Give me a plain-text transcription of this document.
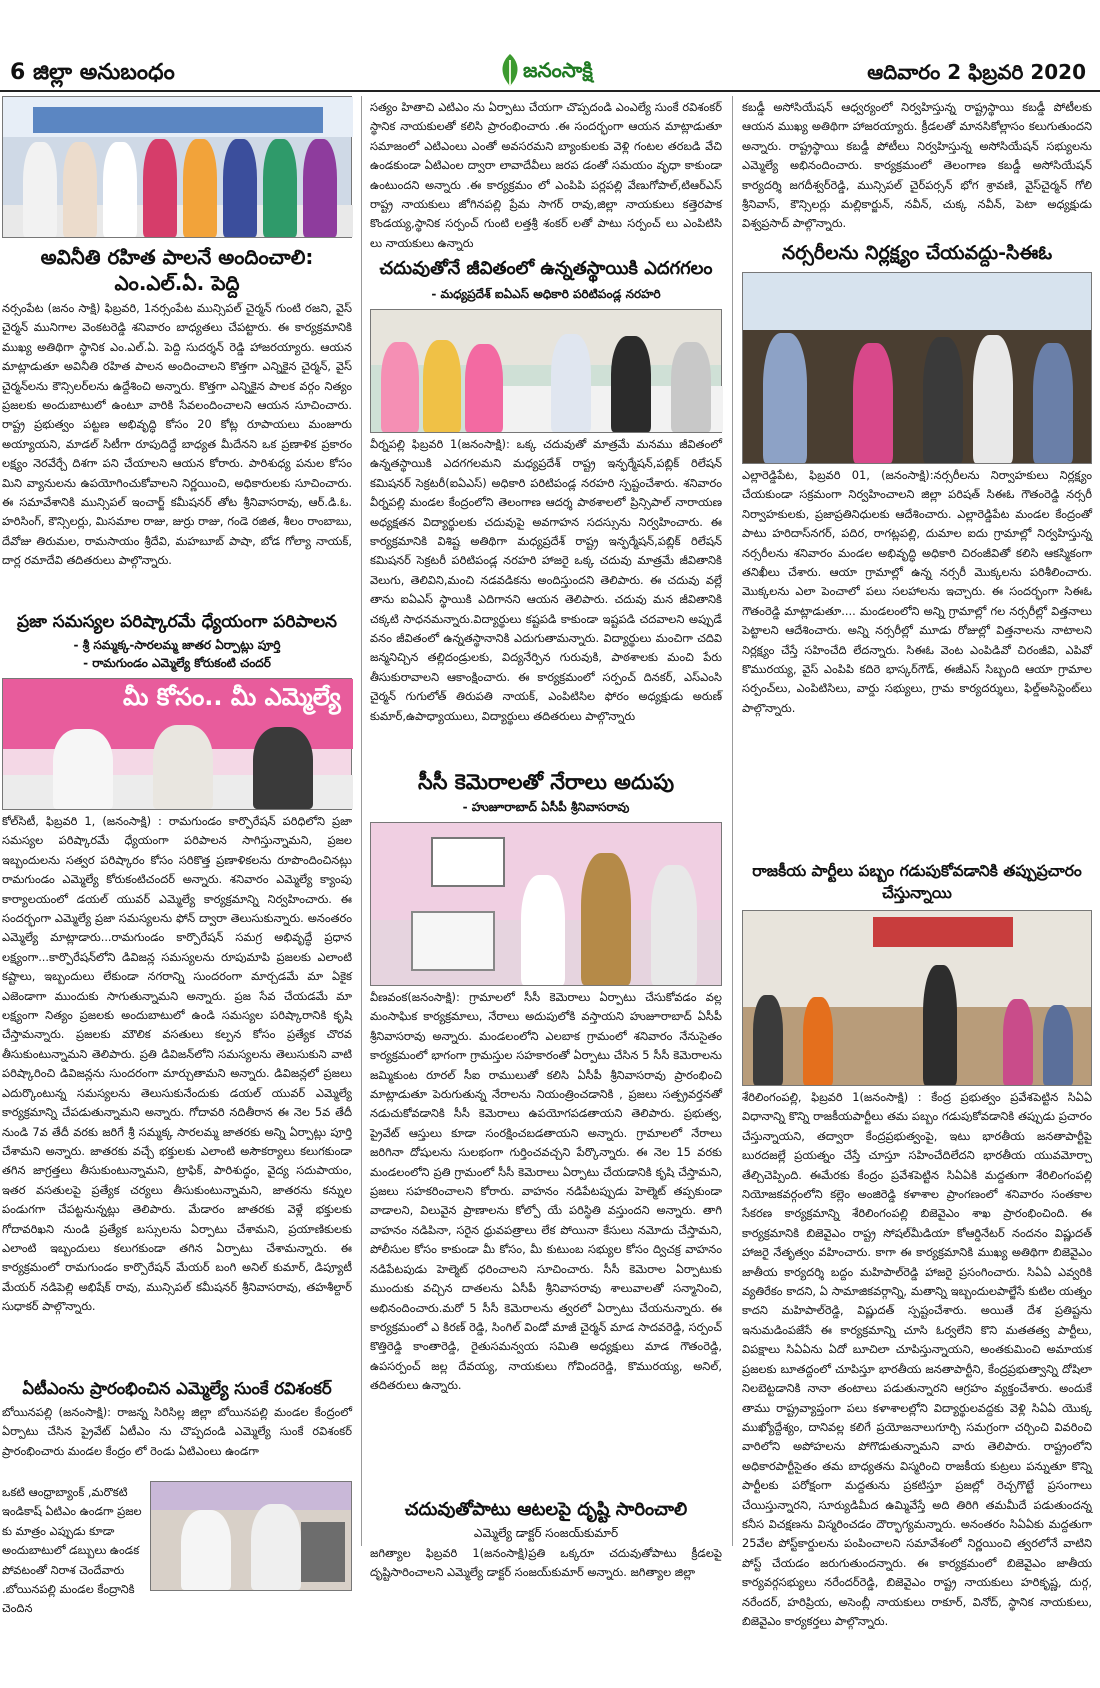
6 జిల్లా అనుబంధం	జనంసాక్షి	ఆదివారం 2 ఫిబ్రవరి 2020
అవినీతి రహిత పాలనే అందించాలి: ఎం.ఎల్‌.ఏ. పెద్ది

నర్సంపేట (జనం సాక్షి) ఫిబ్రవరి, 1నర్సంపేట మున్సిపల్‌ చైర్మన్‌ గుంటి రజని, వైస్‌ చైర్మన్‌ మునిగాల వెంకటరెడ్డి శనివారం బాధ్యతలు చేపట్టారు. ఈ కార్యక్రమానికి ముఖ్య అతిథిగా స్థానిక ఎం.ఎల్‌.ఏ. పెద్ది సుదర్శన్‌ రెడ్డి హాజరయ్యారు. ఆయన మాట్లాడుతూ అవినీతి రహిత పాలన అందించాలని కొత్తగా ఎన్నికైన చైర్మన్‌, వైస్‌ చైర్మన్‌లను కౌన్సిలర్‌లను ఉద్దేశించి అన్నారు. కొత్తగా ఎన్నికైన పాలక వర్గం నిత్యం ప్రజలకు అందుబాటులో ఉంటూ వారికి సేవలందించాలని ఆయన సూచించారు. రాష్ట్ర ప్రభుత్వం పట్టణ అభివృద్ధి కోసం 20 కోట్ల రూపాయలు మంజూరు అయ్యాయని, మాడల్‌ సిటీగా రూపుదిద్దే బాధ్యత మీదేనని ఒక ప్రణాళిక ప్రకారం లక్ష్యం నెరవేర్చే దిశగా పని చేయాలని ఆయన కోరారు. పారిశుధ్య పనుల కోసం మిని వ్యానులను ఉపయోగించుకోవాలని నిర్ణయించి, అధికారులకు సూచించారు. ఈ సమావేశానికి మున్సిపల్‌ ఇంచార్జ్‌ కమీషనర్‌ తోట శ్రీనివాసరావు, ఆర్‌.డి.ఓ. హరిసింగ్‌, కౌన్సిలర్లు, మిసమాల రాజు, జుర్రు రాజు, గండె రజిత, శీలం రాంబాబు, దేవోజు తిరుమల, రామసాయం శ్రీదేవి, మహబూబ్‌ పాషా, బోడ గోల్యా నాయక్‌, దార్ల రమాదేవి తదితరులు పాల్గొన్నారు.

ప్రజా సమస్యల పరిష్కారమే ధ్యేయంగా పరిపాలన
- శ్రీ సమ్మక్క-సారలమ్మ జాతర ఏర్పాట్లు పూర్తి
- రామగుండం ఎమ్మెల్యే కోరుకంటి చందర్‌
మీ కోసం.. మీ ఎమ్మెల్యే

కోల్‌సిటీ, ఫిబ్రవరి 1, (జనంసాక్షి) : రామగుండం కార్పొరేషన్‌ పరిధిలోని ప్రజా సమస్యల పరిష్కారమే ధ్యేయంగా పరిపాలన సాగిస్తున్నామని, ప్రజల ఇబ్బందులను సత్వర పరిష్కారం కోసం సరికొత్త ప్రణాళికలను రూపొందించినట్లు రామగుండం ఎమ్మెల్యే కోరుకంటిచందర్‌ అన్నారు. శనివారం ఎమ్మెల్యే క్యాంపు కార్యాలయంలో డయల్‌ యువర్‌ ఎమ్మెల్యే కార్యక్రమాన్ని నిర్వహించారు. ఈ సందర్భంగా ఎమ్మెల్యే ప్రజా సమస్యలను ఫోన్‌ ద్వారా తెలుసుకున్నారు. అనంతరం ఎమ్మెల్యే మాట్లాడారు...రామగుండం కార్పొరేషన్‌ సమగ్ర అభివృద్ధే ప్రధాన లక్ష్యంగా...కార్పొరేషన్‌లోని డివిజన్ల సమస్యలను రూపుమాపి ప్రజలకు ఎలాంటి కష్టాలు, ఇబ్బందులు లేకుండా నగరాన్ని సుందరంగా మార్చడమే మా ఏకైక ఎజెండాగా ముందుకు సాగుతున్నామని అన్నారు. ప్రజ సేవ చేయడమే మా లక్ష్యంగా నిత్యం ప్రజలకు అందుబాటులో ఉండి సమస్యల పరిష్కారానికి కృషి చేస్తామన్నారు. ప్రజలకు మౌలిక వసతులు కల్పన కోసం ప్రత్యేక చొరవ తీసుకుంటున్నామని తెలిపారు. ప్రతి డివిజన్‌లోని సమస్యలను తెలుసుకుని వాటి పరిష్కారించి డివిజన్లను సుందరంగా మార్చుతామని అన్నారు. డివిజన్లలో ప్రజలు ఎదుర్కొంటున్న సమస్యలను తెలుసుకునేందుకు డయల్‌ యువర్‌ ఎమ్మెల్యే కార్యక్రమాన్ని చేపడుతున్నామని అన్నారు. గోదావరి నదితీరాన ఈ నెల 5వ తేదీ నుండి 7వ తేదీ వరకు జరిగే శ్రీ సమ్మక్క సారలమ్మ జాతరకు అన్ని ఏర్పాట్లు పూర్తి చేశామని అన్నారు. జాతరకు వచ్చే భక్తులకు ఎలాంటి అసౌకర్యాలు కలుగకుండా తగిన జాగ్రత్తలు తీసుకుంటున్నామని, ట్రాఫిక్‌, పారిశుద్ధం, వైద్య సదుపాయం, ఇతర వసతులపై ప్రత్యేక చర్యలు తీసుకుంటున్నామని, జాతరను కన్నుల పండుగగా చేపట్టనున్నట్లు తెలిపారు. మేడారం జాతరకు వెళ్లే భక్తులకు గోదావరిఖని నుండి ప్రత్యేక బస్సులను ఏర్పాటు చేశామని, ప్రయాణికులకు ఎలాంటి ఇబ్బందులు కలుగకుండా తగిన ఏర్పాటు చేశామన్నారు. ఈ కార్యక్రమంలో రామగుండం కార్పొరేషన్‌ మేయర్‌ బంగి అనిల్‌ కుమార్‌, డిప్యూటీ మేయర్‌ నడిపెల్లి అభిషేక్‌ రావు, మున్సిపల్‌ కమీషనర్‌ శ్రీనివాసరావు, తహశీల్దార్‌ సుధాకర్‌ పాల్గొన్నారు.

ఏటీఎంను ప్రారంభించిన ఎమ్మెల్యే సుంకే రవిశంకర్‌

బోయినపల్లి (జనంసాక్షి): రాజన్న సిరిసిల్ల జిల్లా బోయినపల్లి మండల కేంద్రంలో ఏర్పాటు చేసిన ప్రైవేట్‌ ఏటీఎం ను చొప్పదండి ఎమ్మెల్యే సుంకే రవిశంకర్‌ ప్రారంభించారు మండల కేంద్రం లో రెండు ఏటిఎంలు ఉండగా

ఒకటి ఆంధ్రాబ్యాంక్‌ ,మరొకటి ఇండికాష్‌ ఏటిఎం ఉండగా ప్రజల కు మాత్రం ఎప్పుడు కూడా అందుబాటులో డబ్బులు ఉండక పోవటంతో నిరాశ చెందేవారు .బోయినపల్లి మండల కేంద్రానికి చెందిన

సత్యం హితాచి ఎటిఎం ను ఏర్పాటు చేయగా చొప్పదండి ఎంఎల్యే సుంకే రవిశంకర్‌ స్థానిక నాయకులతో కలిసి ప్రారంభించారు .ఈ సందర్భంగా ఆయన మాట్లాడుతూ సమాజంలో ఎటిఎంలు ఎంతో అవసరమని బ్యాంకులకు వెళ్లి గంటల తరబడి వేచి ఉండకుండా ఏటిఎంల ద్వారా లావాదేవీలు జరప డంతో సమయం వృధా కాకుండా ఉంటుందని అన్నారు .ఈ కార్యక్రమం లో ఎంపిపి పర్లపల్లి వేణుగోపాల్‌,టిఆర్‌ఎస్‌ రాష్ట్ర నాయకులు జోగినపల్లి ప్రేమ సాగర్‌ రావు,జిల్లా నాయకులు కత్తెరపాక కొండయ్య,స్థానిక సర్పంచ్‌ గుంటి లత్తశ్రీ శంకర్‌ లతో పాటు సర్పంచ్‌ లు ఎంపిటిసి లు నాయకులు ఉన్నారు

చదువుతోనే జీవితంలో ఉన్నతస్థాయికి ఎదగగలం
- మధ్యప్రదేశ్‌ ఐఏఎస్‌ అధికారి పరిటిపండ్ల నరహరి

వీర్నపల్లి ఫిబ్రవరి 1(జనంసాక్షి): ఒక్క చదువుతో మాత్రమే మనము జీవితంలో ఉన్నతస్థాయికి ఎదగగలమని మధ్యప్రదేశ్‌ రాష్ట్ర ఇన్ఫర్మేషన్‌,పబ్లిక్‌ రిలేషన్‌ కమిషనర్‌ సెక్రటరీ(ఐఏఎస్‌) అధికారి పరిటిపండ్ల నరహరి స్పష్టంచేశారు. శనివారం వీర్నపల్లి మండల కేంద్రంలోని తెలంగాణ ఆదర్శ పాఠశాలలో ప్రిన్సిపాల్‌ నారాయణ అధ్యక్షతన విద్యార్థులకు చదువుపై అవగాహన సదస్సును నిర్వహించారు. ఈ కార్యక్రమానికి విశిష్ట అతిథిగా మధ్యప్రదేశ్‌ రాష్ట్ర ఇన్ఫర్మేషన్‌,పబ్లిక్‌ రిలేషన్‌ కమిషనర్‌ సెక్రటరీ పరిటిపండ్ల నరహరి హాజరై ఒక్క చదువు మాత్రమే జీవితానికి వెలుగు, తెలివిని,మంచి నడవడికను అందిస్తుందని తెలిపారు. ఈ చదువు వల్లే తాను ఐఏఎస్‌ స్థాయికి ఎదిగానని ఆయన తెలిపారు. చదువు మన జీవితానికి చక్కటి సాధనమన్నారు.విద్యార్థులు కష్టపడి కాకుండా ఇష్టపడి చదవాలని అప్పుడే వనం జీవితంలో ఉన్నతస్థానానికి ఎదుగుతామన్నారు. విద్యార్థులు మంచిగా చదివి జన్మనిచ్చిన తల్లిదండ్రులకు, విద్యనేర్పిన గురువుకి, పాఠశాలకు మంచి పేరు తీసుకురావాలని ఆకాంక్షించారు. ఈ కార్యక్రమంలో సర్పంచ్‌ దినకర్‌, ఎస్‌ఎంసి చైర్మన్‌ గుగులోత్‌ తిరుపతి నాయక్‌, ఎంపిటిసిల ఫోరం అధ్యక్షుడు అరుణ్‌ కుమార్‌,ఉపాధ్యాయులు, విద్యార్థులు తదితరులు పాల్గొన్నారు

సీసీ కెమెరాలతో నేరాలు అదుపు
- హుజూరాబాద్‌ ఏసీపీ శ్రీనివాసరావు

వీణవంక(జనంసాక్షి): గ్రామాలలో సీసీ కెమెరాలు ఏర్పాటు చేసుకోవడం వల్ల మంసాఘిక కార్యక్రమాలు, నేరాలు అదుపులోకి వస్తాయని హుజూరాబాద్‌ ఏసీపీ శ్రీనివాసరావు అన్నారు. మండలంలోని ఎలబాక గ్రామంలో శనివారం నేనుసైతం కార్యక్రమంలో భాగంగా గ్రామస్తుల సహకారంతో ఏర్పాటు చేసిన 5 సీసీ కెమెరాలను జమ్మికుంట రూరల్‌ సీఐ రాములుతో కలిసి ఏసీపీ శ్రీనివాసరావు ప్రారంభించి మాట్లాడుతూ పెరుగుతున్న నేరాలను నియంత్రించడానికి , ప్రజలు సత్ప్రవర్తనతో నడుచుకోవడానికి సీసీ కెమెరాలు ఉపయోగపడతాయని తెలిపారు. ప్రభుత్వ, ప్రైవేట్‌ ఆస్తులు కూడా సంరక్షించబడతాయని అన్నారు. గ్రామాలలో నేరాలు జరిగినా దోషులను సులభంగా గుర్తించవచ్చని పేర్కొన్నారు. ఈ నెల 15 వరకు మండలంలోని ప్రతి గ్రామంలో సీసీ కెమెరాలు ఏర్పాటు చేయడానికి కృషి చేస్తామని, ప్రజలు సహకరించాలని కోరారు. వాహనం నడిపేటప్పుడు హెల్మెట్‌ తప్పకుండా వాడాలని, విలువైన ప్రాణాలను కోల్పో యే పరిస్థితి వస్తుందని అన్నారు. తాగి వాహనం నడిపినా, సరైన ధ్రువపత్రాలు లేక పోయినా కేసులు నమోదు చేస్తామని, పోలీసుల కోసం కాకుండా మీ కోసం, మీ కుటుంబ సభ్యుల కోసం ద్విచక్ర వాహనం నడిపేటపుడు హెల్మెట్‌ ధరించాలని సూచించారు. సీసీ కెమెరాల ఏర్పాటుకు ముందుకు వచ్చిన దాతలను ఏసీపీ శ్రీనివాసరావు శాలువాలతో సన్మానించి, అభినందించారు.మరో 5 సీసీ కెమెరాలను త్వరలో ఏర్పాటు చేయనున్నారు. ఈ కార్యక్రమంలో ఎ కిరణ్‌ రెడ్డి, సింగిల్‌ విండో మాజీ చైర్మన్‌ మాడ సాదవరెడ్డి, సర్పంచ్‌ కొత్తిరెడ్డి కాంతారెడ్డి, రైతుసమన్వయ సమితి అధ్యక్షులు మాడ గౌతంరెడ్డి, ఉపసర్పంచ్‌ జల్ల దేవయ్య, నాయకులు గోవిందరెడ్డి, కొమురయ్య, అనిల్‌, తదితరులు ఉన్నారు.

చదువుతోపాటు ఆటలపై దృష్టి సారించాలి
ఎమ్మెల్యే డాక్టర్‌ సంజయ్‌కుమార్‌

జగిత్యాల ఫిబ్రవరి 1(జనంసాక్షి)ప్రతి ఒక్కరూ చదువుతోపాటు క్రీడలపై దృష్టిసారించాలని ఎమ్మెల్యే డాక్టర్‌ సంజయ్‌కుమార్‌ అన్నారు. జగిత్యాల జిల్లా

కబడ్డీ అసోసియేషన్‌ ఆధ్వర్యంలో నిర్వహిస్తున్న రాష్ట్రస్థాయి కబడ్డీ పోటీలకు ఆయన ముఖ్య అతిథిగా హాజరయ్యారు. క్రీడలతో మానసికోల్లాసం కలుగుతుందని అన్నారు. రాష్ట్రస్థాయి కబడ్డీ పోటీలు నిర్వహిస్తున్న అసోసియేషన్‌ సభ్యులను ఎమ్మెల్యే అభినందించారు. కార్యక్రమంలో తెలంగాణ కబడ్డీ అసోసియేషన్‌ కార్యదర్శి జగదీశ్వర్‌రెడ్డి, మున్సిపల్‌ చైర్‌పర్సన్‌ భోగ శ్రావణి, వైస్‌చైర్మన్‌ గోలి శ్రీనివాస్‌, కౌన్సిలర్లు మల్లికార్జున్‌, నవీన్‌, చుక్క నవీన్‌, పెటా అధ్యక్షుడు విశ్వప్రసాద్‌ పాల్గొన్నారు.

నర్సరీలను నిర్లక్ష్యం చేయవద్దు-సిఈఓ

ఎల్లారెడ్డిపేట, ఫిబ్రవరి 01, (జనంసాక్షి):నర్సరీలను నిర్వాహకులు నిర్లక్ష్యం చేయకుండా సక్రమంగా నిర్వహించాలని జిల్లా పరిషత్‌ సిఈఓ గౌతంరెడ్డి నర్సరీ నిర్వాహకులకు, ప్రజాప్రతినిధులకు ఆదేశించారు. ఎల్లారెడ్డిపేట మండల కేంద్రంతో పాటు హరిదాస్‌నగర్‌, పదిర, రాగట్లపల్లి, దుమాల ఐదు గ్రామాల్లో నిర్వహిస్తున్న నర్సరీలను శనివారం మండల అభివృద్ధి అధికారి చిరంజీవితో కలిసి ఆకస్మికంగా తనిఖీలు చేశారు. ఆయా గ్రామాల్లో ఉన్న నర్సరీ మొక్కలను పరిశీలించారు. మొక్కలను ఎలా పెంచాలో పలు సలహాలను ఇచ్చారు. ఈ సందర్భంగా సిఈఓ గౌతంరెడ్డి మాట్లాడుతూ.... మండలంలోని అన్ని గ్రామాల్లో గల నర్సరీల్లో విత్తనాలు పెట్టాలని ఆదేశించారు. అన్ని నర్సరీల్లో మూడు రోజుల్లో విత్తనాలను నాటాలని నిర్లక్ష్యం చేస్తే సహించేది లేదన్నారు. సిఈఓ వెంట ఎంపిడివో చిరంజీవి, ఎపివో కొమురయ్య, వైస్‌ ఎంపిపి కదిరె భాస్కర్‌గౌడ్‌, ఈజీఎస్‌ సిబ్బంది ఆయా గ్రామాల సర్పంచ్‌లు, ఎంపిటిసిలు, వార్డు సభ్యులు, గ్రామ కార్యదర్శులు, ఫిల్డ్‌అసిస్టెంట్‌లు పాల్గొన్నారు.

రాజకీయ పార్టీలు పబ్బం గడుపుకోవడానికి తప్పుప్రచారం చేస్తున్నాయి

శేరిలింగంపల్లి, ఫిబ్రవరి 1(జనంసాక్షి) : కేంద్ర ప్రభుత్వం ప్రవేశపెట్టిన సిఏఏ విధానాన్ని కొన్ని రాజకీయపార్టీలు తమ పబ్బం గడుపుకోవడానికి తప్పుడు ప్రచారం చేస్తున్నాయని, తద్వారా కేంద్రప్రభుత్వంపై, ఇటు భారతీయ జనతాపార్టీపై బురదజల్లే ప్రయత్నం చేస్తే చూస్తూ సహించేదిలేదని భారతీయ యువమోర్చా తేల్చిచెప్పింది. ఈమేరకు కేంద్రం ప్రవేశపెట్టిన సిఏఏకి మద్దతుగా శేరిలింగంపల్లి నియోజకవర్గంలోని కల్లెం అంజిరెడ్డి కళాశాల ప్రాంగణంలో శనివారం సంతకాల సేకరణ కార్యక్రమాన్ని శేరిలింగంపల్లి బిజెవైఎం శాఖ ప్రారంభించింది. ఈ కార్యక్రమానికి బిజెవైఎం రాష్ట్ర సోషల్‌మీడియా కోఆర్డినేటర్‌ నందనం విష్ణుదత్‌ హాజరై నేతృత్వం వహించారు. కాగా ఈ కార్యక్రమానికి ముఖ్య అతిథిగా బిజెవైఎం జాతీయ కార్యదర్శి బద్దం మహిపాల్‌రెడ్డి హాజరై ప్రసంగించారు. సిఏఏ ఎవ్వరికి వ్యతిరేకం కాదని, ఏ సామాజికవర్గాన్ని, మతాన్ని ఇబ్బందులపాల్జేసే కుటిల యత్నం కాదని మహిపాల్‌రెడ్డి, విష్ణుదత్‌ స్పష్టంచేశారు. అయితే దేశ ప్రతిష్టను ఇనుమడింపజేసే ఈ కార్యక్రమాన్ని చూసి ఓర్వలేని కొని మతతత్వ పార్టీలు, విపక్షాలు సిఏఏను ఏదో బూచిలా చూపిస్తున్నాయని, అంతకుమించి అమాయక ప్రజలకు బూతద్దంలో చూపిస్తూ భారతీయ జనతాపార్టీని, కేంద్రప్రభుత్వాన్ని దోషిలా నిలబెట్టడానికి నానా తంటాలు పడుతున్నారని ఆగ్రహం వ్యక్తంచేశారు. అందుకే తాము రాష్ట్రవ్యాప్తంగా పలు కళాశాలల్లోని విద్యార్థులవద్దకు వెళ్లి సిఏఏ యొక్క ముఖ్యోద్దేశ్యం, దానివల్ల కలిగే ప్రయోజనాలుగూర్చి సమగ్రంగా చర్చించి వివరించి వారిలోని అపోహలను పోగొడుతున్నామని వారు తెలిపారు. రాష్ట్రంలోని అధికారపార్టీసైతం తమ బాధ్యతను విస్మరించి రాజకీయ కుట్రలు పన్నుతూ కొన్ని పార్టీలకు పరోక్షంగా మద్దతును ప్రకటిస్తూ ప్రజల్లో రెచ్చగొట్టే ప్రసంగాలు చేయిస్తున్నారని, సూర్యుడిమీద ఉమ్మివేస్తే అది తిరిగి తమమీదే పడుతుందన్న కనీస విచక్షణను విస్మరించడం దౌర్భాగ్యమన్నారు. అనంతరం సిఏఏకు మద్దతుగా 25వేల పోస్ట్‌కార్డులను పంపించాలని సమావేశంలో నిర్ణయించి త్వరలోనే వాటిని పోస్ట్‌ చేయడం జరుగుతుందన్నారు. ఈ కార్యక్రమంలో బిజెవైఎం జాతీయ కార్యవర్గసభ్యులు నరేందర్‌రెడ్డి, బిజెవైఎం రాష్ట్ర నాయకులు హరికృష్ణ, దుర్గ, నరేందర్‌, హరిప్రియ, అసెంబ్లీ నాయకులు రాకూర్‌, వినోద్‌, స్థానిక నాయకులు, బిజెవైఎం కార్యకర్తలు పాల్గొన్నారు.
